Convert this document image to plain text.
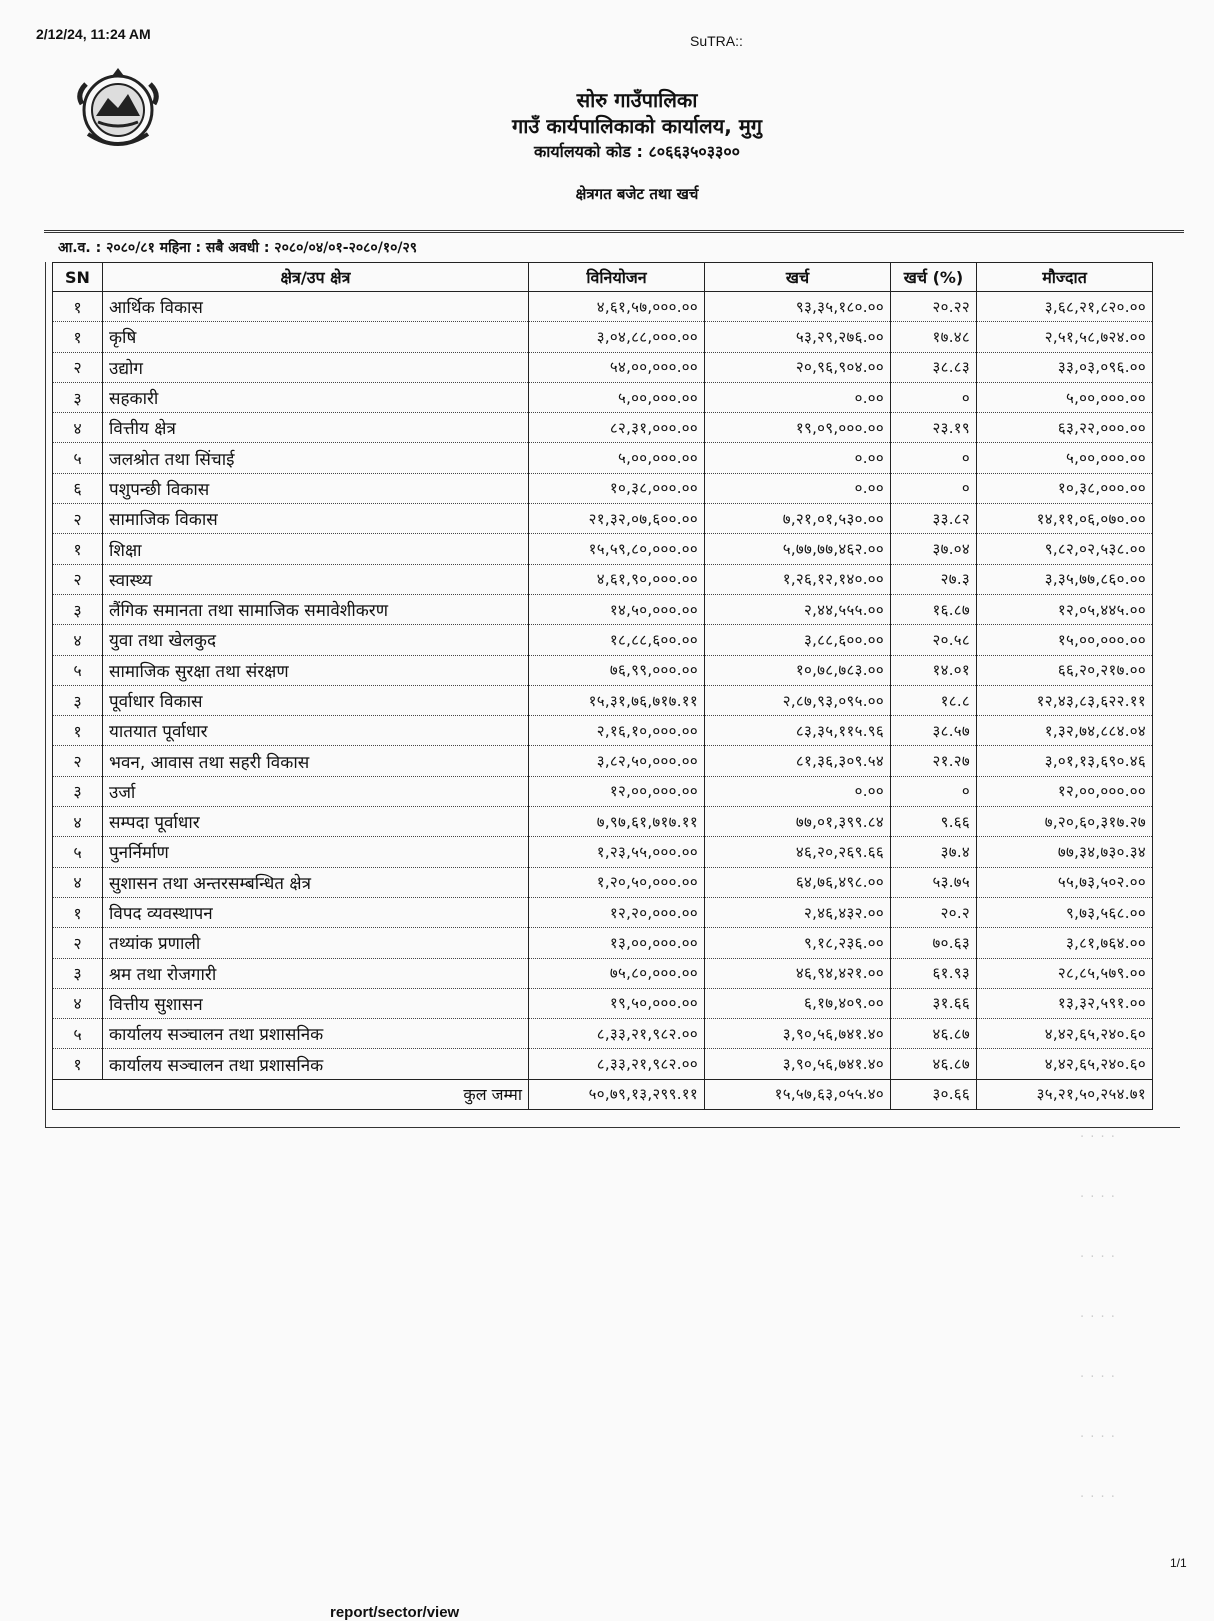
2/12/24, 11:24 AM	SuTRA::
सोरु गाउँपालिका
गाउँ कार्यपालिकाको कार्यालय, मुगु
कार्यालयको कोड : ८०६६३५०३३००
क्षेत्रगत बजेट तथा खर्च
आ.व. : २०८०/८१ महिना : सबै अवधी : २०८०/०४/०१-२०८०/१०/२९
SN	क्षेत्र/उप क्षेत्र	विनियोजन	खर्च	खर्च (%)	मौज्दात
१	आर्थिक विकास	४,६१,५७,०००.००	९३,३५,१८०.००	२०.२२	३,६८,२१,८२०.००
१	कृषि	३,०४,८८,०००.००	५३,२९,२७६.००	१७.४८	२,५१,५८,७२४.००
२	उद्योग	५४,००,०००.००	२०,९६,९०४.००	३८.८३	३३,०३,०९६.००
३	सहकारी	५,००,०००.००	०.००	०	५,००,०००.००
४	वित्तीय क्षेत्र	८२,३१,०००.००	१९,०९,०००.००	२३.१९	६३,२२,०००.००
५	जलश्रोत तथा सिंचाई	५,००,०००.००	०.००	०	५,००,०००.००
६	पशुपन्छी विकास	१०,३८,०००.००	०.००	०	१०,३८,०००.००
२	सामाजिक विकास	२१,३२,०७,६००.००	७,२१,०१,५३०.००	३३.८२	१४,११,०६,०७०.००
१	शिक्षा	१५,५९,८०,०००.००	५,७७,७७,४६२.००	३७.०४	९,८२,०२,५३८.००
२	स्वास्थ्य	४,६१,९०,०००.००	१,२६,१२,१४०.००	२७.३	३,३५,७७,८६०.००
३	लैंगिक समानता तथा सामाजिक समावेशीकरण	१४,५०,०००.००	२,४४,५५५.००	१६.८७	१२,०५,४४५.००
४	युवा तथा खेलकुद	१८,८८,६००.००	३,८८,६००.००	२०.५८	१५,००,०००.००
५	सामाजिक सुरक्षा तथा संरक्षण	७६,९९,०००.००	१०,७८,७८३.००	१४.०१	६६,२०,२१७.००
३	पूर्वाधार विकास	१५,३१,७६,७१७.११	२,८७,९३,०९५.००	१८.८	१२,४३,८३,६२२.११
१	यातयात पूर्वाधार	२,१६,१०,०००.००	८३,३५,११५.९६	३८.५७	१,३२,७४,८८४.०४
२	भवन, आवास तथा सहरी विकास	३,८२,५०,०००.००	८१,३६,३०९.५४	२१.२७	३,०१,१३,६९०.४६
३	उर्जा	१२,००,०००.००	०.००	०	१२,००,०००.००
४	सम्पदा पूर्वाधार	७,९७,६१,७१७.११	७७,०१,३९९.८४	९.६६	७,२०,६०,३१७.२७
५	पुनर्निर्माण	१,२३,५५,०००.००	४६,२०,२६९.६६	३७.४	७७,३४,७३०.३४
४	सुशासन तथा अन्तरसम्बन्धित क्षेत्र	१,२०,५०,०००.००	६४,७६,४९८.००	५३.७५	५५,७३,५०२.००
१	विपद व्यवस्थापन	१२,२०,०००.००	२,४६,४३२.००	२०.२	९,७३,५६८.००
२	तथ्यांक प्रणाली	१३,००,०००.००	९,१८,२३६.००	७०.६३	३,८१,७६४.००
३	श्रम तथा रोजगारी	७५,८०,०००.००	४६,९४,४२१.००	६१.९३	२८,८५,५७९.००
४	वित्तीय सुशासन	१९,५०,०००.००	६,१७,४०९.००	३१.६६	१३,३२,५९१.००
५	कार्यालय सञ्चालन तथा प्रशासनिक	८,३३,२१,९८२.००	३,९०,५६,७४१.४०	४६.८७	४,४२,६५,२४०.६०
१	कार्यालय सञ्चालन तथा प्रशासनिक	८,३३,२१,९८२.००	३,९०,५६,७४१.४०	४६.८७	४,४२,६५,२४०.६०
कुल जम्मा		५०,७९,१३,२९९.११	१५,५७,६३,०५५.४०	३०.६६	३५,२१,५०,२५४.७१
· · · ·
· · · ·
· · · ·
· · · ·
· · · ·
· · · ·
· · · ·
1/1
report/sector/view
